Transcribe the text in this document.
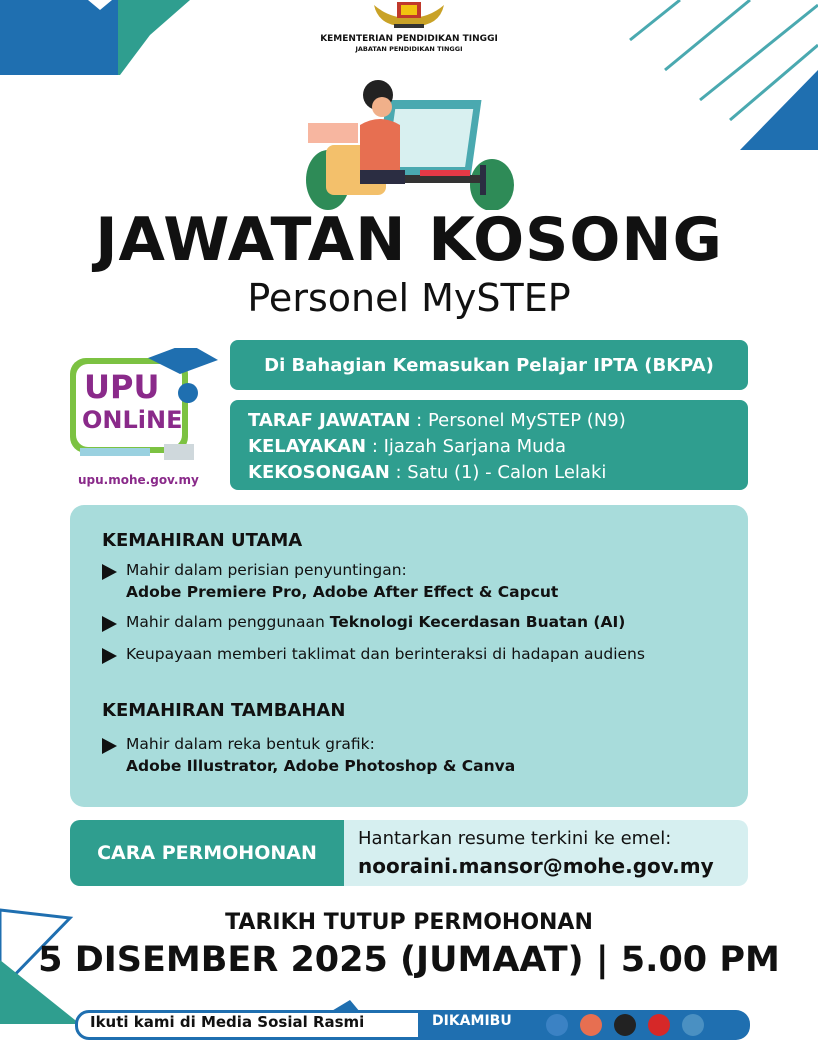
KEMENTERIAN PENDIDIKAN TINGGI
JABATAN PENDIDIKAN TINGGI
JAWATAN KOSONG
Personel MySTEP
UPU
ONLiNE
upu.mohe.gov.my
Di Bahagian Kemasukan Pelajar IPTA (BKPA)
TARAF JAWATAN : Personel MySTEP (N9)
KELAYAKAN : Ijazah Sarjana Muda
KEKOSONGAN : Satu (1) - Calon Lelaki
KEMAHIRAN UTAMA
Mahir dalam perisian penyuntingan:
Adobe Premiere Pro, Adobe After Effect & Capcut
Mahir dalam penggunaan Teknologi Kecerdasan Buatan (AI)
Keupayaan memberi taklimat dan berinteraksi di hadapan audiens
KEMAHIRAN TAMBAHAN
Mahir dalam reka bentuk grafik:
Adobe Illustrator, Adobe Photoshop & Canva
CARA PERMOHONAN
Hantarkan resume terkini ke emel:
nooraini.mansor@mohe.gov.my
TARIKH TUTUP PERMOHONAN
5 DISEMBER 2025 (JUMAAT) | 5.00 PM
Ikuti kami di Media Sosial Rasmi	DIKAMIBU
